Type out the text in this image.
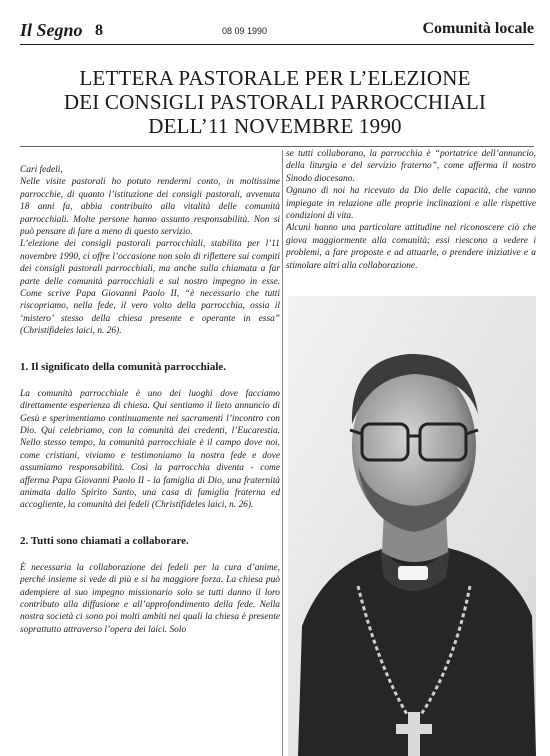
Il Segno 8	08 09 1990	Comunità locale
LETTERA PASTORALE PER L’ELEZIONE
DEI CONSIGLI PASTORALI PARROCCHIALI
DELL’11 NOVEMBRE 1990

Cari fedeli,

Nelle visite pastorali ho potuto rendermi conto, in moltissime parrocchie, di quanto l’istituzione dei consigli pastorali, avvenuta 18 anni fa, abbia contribuito alla vitalità delle comunità parrocchiali. Molte persone hanno assunto responsabilità. Non si può pensare di fare a meno di questo servizio.

L’elezione dei consigli pastorali parrocchiali, stabilita per l’11 novembre 1990, ci offre l’occasione non solo di riflettere sui compiti dei consigli pastorali parrocchiali, ma anche sulla chiamata a far parte delle comunità parrocchiali e sul nostro impegno in esse. Come scrive Papa Giovanni Paolo II, “è necessario che tutti riscopriamo, nella fede, il vero volto della parrocchia, ossia il ‘mistero’ stesso della chiesa presente e operante in essa” (Christifideles laici, n. 26).

1. Il significato della comunità parrocchiale.

La comunità parrocchiale è uno dei luoghi dove facciamo direttamente esperienza di chiesa. Qui sentiamo il lieto annuncio di Gesù e sperimentiamo continuamente nei sacramenti l’incontro con Dio. Qui celebriamo, con la comunità dei credenti, l’Eucarestia. Nello stesso tempo, la comunità parrocchiale è il campo dove noi, come cristiani, viviamo e testimoniamo la nostra fede e dove assumiamo responsabilità. Così la parrocchia diventa - come afferma Papa Giovanni Paolo II - la famiglia di Dio, una fraternità animata dallo Spirito Santo, una casa di famiglia fraterna ed accogliente, la comunità dei fedeli (Christifideles laici, n. 26).

2. Tutti sono chiamati a collaborare.

È necessaria la collaborazione dei fedeli per la cura d’anime, perché insieme si vede di più e si ha maggiore forza. La chiesa può adempiere al suo impegno missionario solo se tutti danno il loro contributo alla diffusione e all’approfondimento della fede. Nella nostra società ci sono poi molti ambiti nei quali la chiesa è presente soprattutto attraverso l’opera dei laici. Solo

se tutti collaborano, la parrocchia è “portatrice dell’annuncio, della liturgia e del servizio fraterno”, come afferma il nostro Sinodo diocesano.

Ognuno di noi ha ricevuto da Dio delle capacità, che vanno impiegate in relazione alle proprie inclinazioni e alle rispettive condizioni di vita.

Alcuni hanno una particolare attitudine nel riconoscere ciò che giova maggiormente alla comunità; essi riescono a vedere i problemi, a fare proposte e ad attuarle, o prendere iniziative e a stimolare altri alla collaborazione.
